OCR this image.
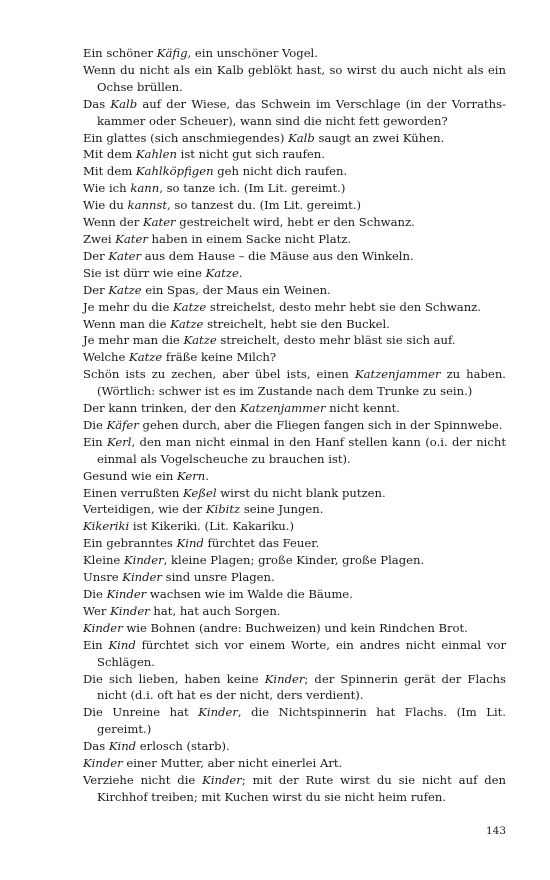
Ein schöner Käfig, ein unschöner Vogel.

Wenn du nicht als ein Kalb geblökt hast, so wirst du auch nicht als ein Ochse brüllen.

Das Kalb auf der Wiese, das Schwein im Verschlage (in der Vorrathskammer oder Scheuer), wann sind die nicht fett geworden?

Ein glattes (sich anschmiegendes) Kalb saugt an zwei Kühen.

Mit dem Kahlen ist nicht gut sich raufen.

Mit dem Kahlköpfigen geh nicht dich raufen.

Wie ich kann, so tanze ich. (Im Lit. gereimt.)

Wie du kannst, so tanzest du. (Im Lit. gereimt.)

Wenn der Kater gestreichelt wird, hebt er den Schwanz.

Zwei Kater haben in einem Sacke nicht Platz.

Der Kater aus dem Hause – die Mäuse aus den Winkeln.

Sie ist dürr wie eine Katze.

Der Katze ein Spas, der Maus ein Weinen.

Je mehr du die Katze streichelst, desto mehr hebt sie den Schwanz.

Wenn man die Katze streichelt, hebt sie den Buckel.

Je mehr man die Katze streichelt, desto mehr bläst sie sich auf.

Welche Katze fräße keine Milch?

Schön ists zu zechen, aber übel ists, einen Katzenjammer zu haben. (Wörtlich: schwer ist es im Zustande nach dem Trunke zu sein.)

Der kann trinken, der den Katzenjammer nicht kennt.

Die Käfer gehen durch, aber die Fliegen fangen sich in der Spinnwebe.

Ein Kerl, den man nicht einmal in den Hanf stellen kann (o.i. der nicht einmal als Vogelscheuche zu brauchen ist).

Gesund wie ein Kern.

Einen verrußten Keßel wirst du nicht blank putzen.

Verteidigen, wie der Kibitz seine Jungen.

Kikeriki ist Kikeriki. (Lit. Kakariku.)

Ein gebranntes Kind fürchtet das Feuer.

Kleine Kinder, kleine Plagen; große Kinder, große Plagen.

Unsre Kinder sind unsre Plagen.

Die Kinder wachsen wie im Walde die Bäume.

Wer Kinder hat, hat auch Sorgen.

Kinder wie Bohnen (andre: Buchweizen) und kein Rindchen Brot.

Ein Kind fürchtet sich vor einem Worte, ein andres nicht einmal vor Schlägen.

Die sich lieben, haben keine Kinder; der Spinnerin gerät der Flachs nicht (d.i. oft hat es der nicht, ders verdient).

Die Unreine hat Kinder, die Nichtspinnerin hat Flachs. (Im Lit. gereimt.)

Das Kind erlosch (starb).

Kinder einer Mutter, aber nicht einerlei Art.

Verziehe nicht die Kinder; mit der Rute wirst du sie nicht auf den Kirchhof treiben; mit Kuchen wirst du sie nicht heim rufen.

143
